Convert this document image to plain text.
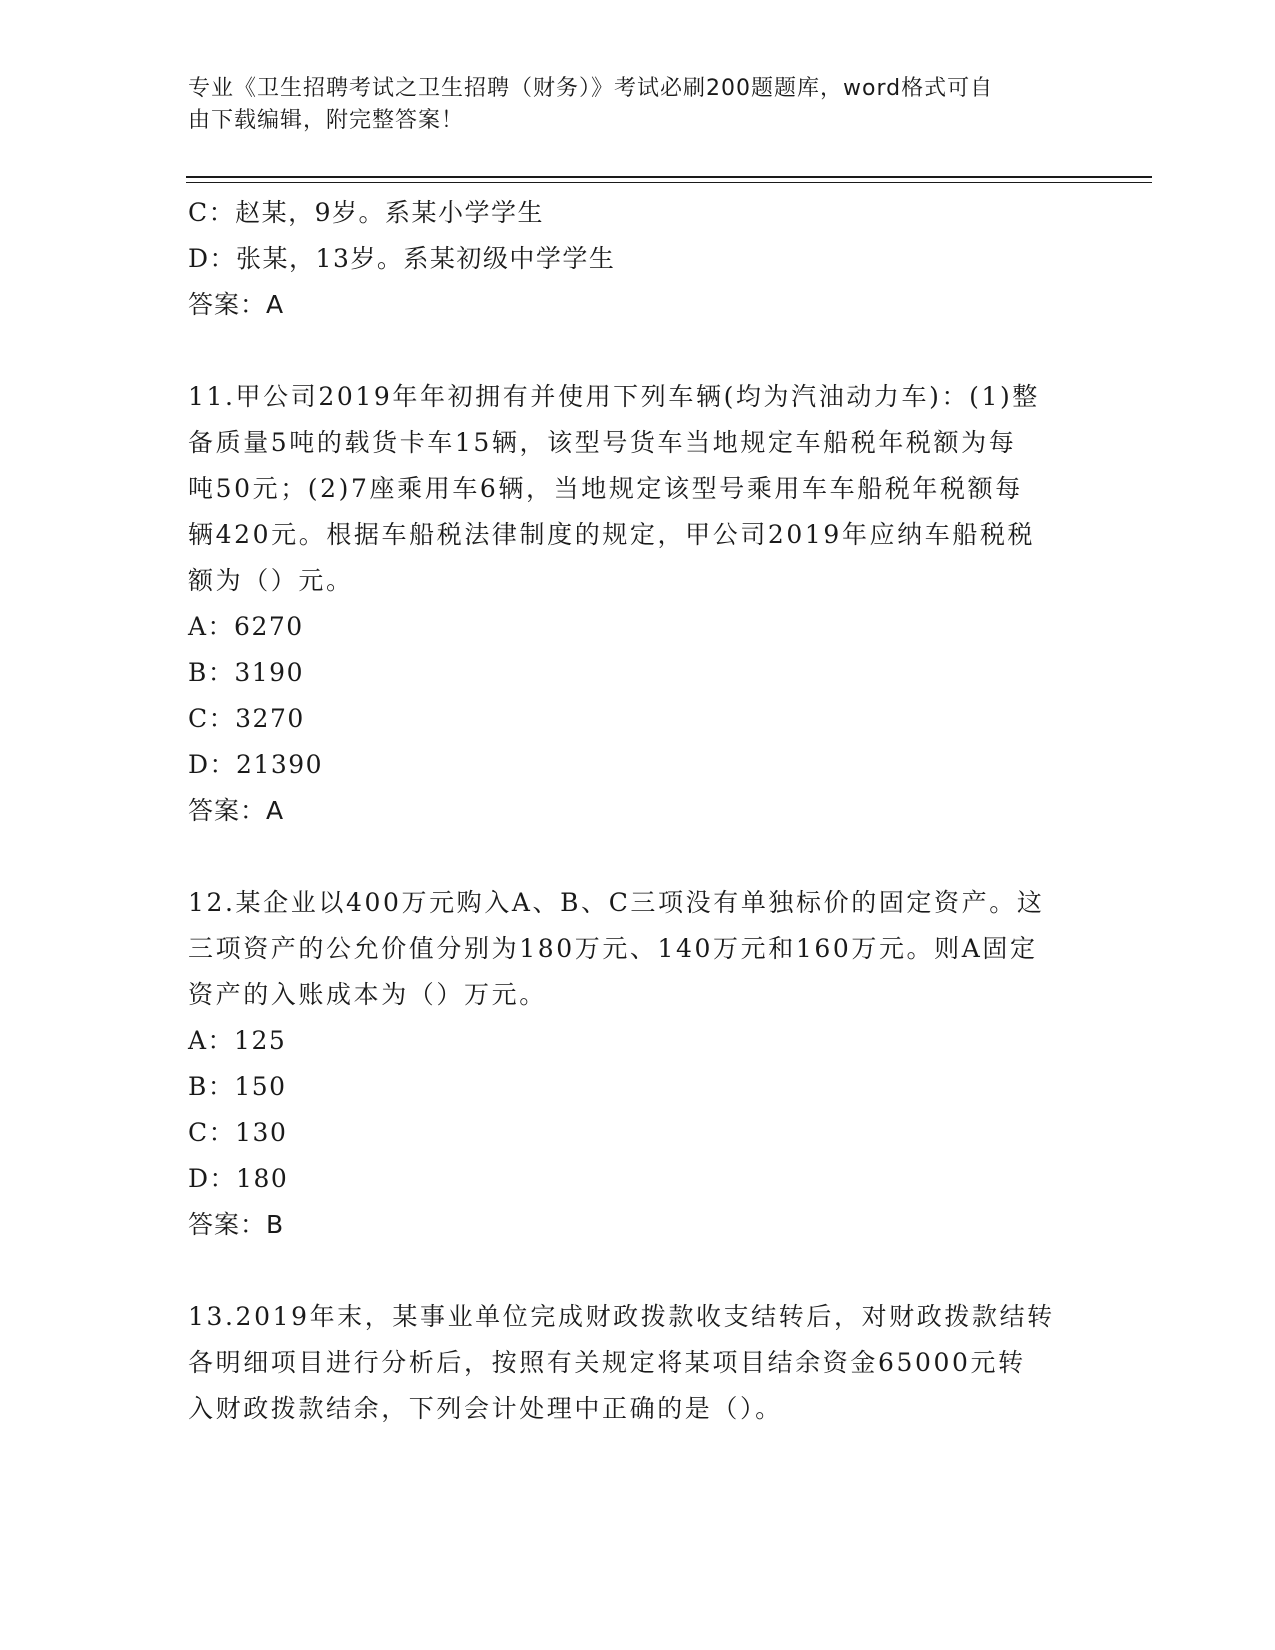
专业《卫生招聘考试之卫生招聘（财务）》考试必刷200题题库，word格式可自
由下载编辑，附完整答案！
C：赵某，9岁。系某小学学生
D：张某，13岁。系某初级中学学生
答案：A
11.甲公司2019年年初拥有并使用下列车辆(均为汽油动力车)：(1)整
备质量5吨的载货卡车15辆，该型号货车当地规定车船税年税额为每
吨50元；(2)7座乘用车6辆，当地规定该型号乘用车车船税年税额每
辆420元。根据车船税法律制度的规定，甲公司2019年应纳车船税税
额为（）元。
A：6270
B：3190
C：3270
D：21390
答案：A
12.某企业以400万元购入A、B、C三项没有单独标价的固定资产。这
三项资产的公允价值分别为180万元、140万元和160万元。则A固定
资产的入账成本为（）万元。
A：125
B：150
C：130
D：180
答案：B
13.2019年末，某事业单位完成财政拨款收支结转后，对财政拨款结转
各明细项目进行分析后，按照有关规定将某项目结余资金65000元转
入财政拨款结余，下列会计处理中正确的是（）。
